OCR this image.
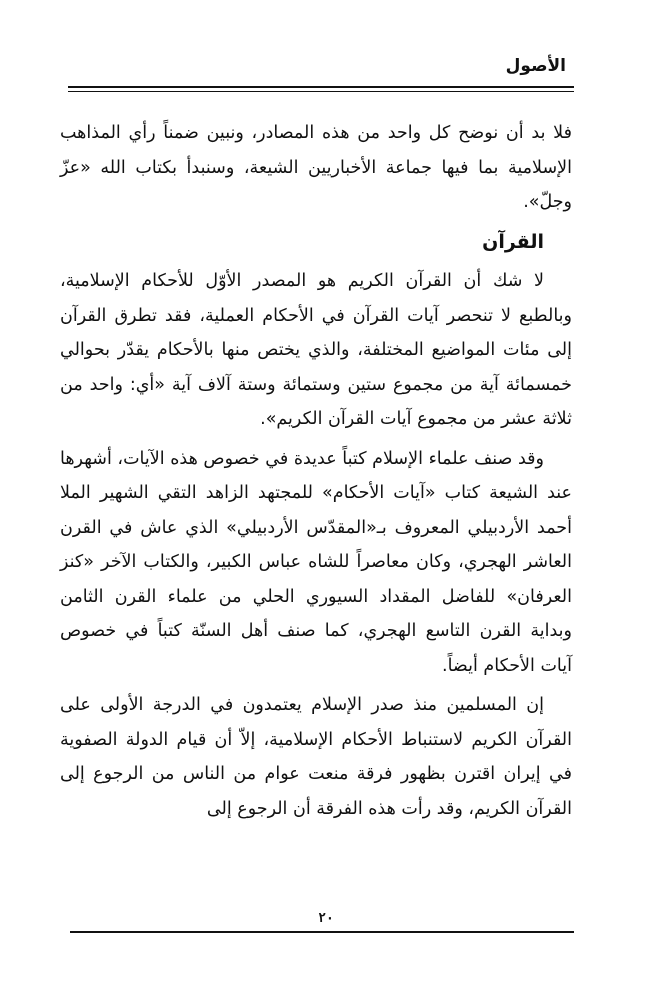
الأصول

فلا بد أن نوضح كل واحد من هذه المصادر، ونبين ضمناً رأي المذاهب الإسلامية بما فيها جماعة الأخباريين الشيعة، وسنبدأ بكتاب الله «عزّ وجلّ».

القرآن

لا شك أن القرآن الكريم هو المصدر الأوّل للأحكام الإسلامية، وبالطبع لا تنحصر آيات القرآن في الأحكام العملية، فقد تطرق القرآن إلى مئات المواضيع المختلفة، والذي يختص منها بالأحكام يقدّر بحوالي خمسمائة آية من مجموع ستين وستمائة وستة آلاف آية «أي: واحد من ثلاثة عشر من مجموع آيات القرآن الكريم».

وقد صنف علماء الإسلام كتباً عديدة في خصوص هذه الآيات، أشهرها عند الشيعة كتاب «آيات الأحكام» للمجتهد الزاهد التقي الشهير الملا أحمد الأردبيلي المعروف بـ«المقدّس الأردبيلي» الذي عاش في القرن العاشر الهجري، وكان معاصراً للشاه عباس الكبير، والكتاب الآخر «كنز العرفان» للفاضل المقداد السيوري الحلي من علماء القرن الثامن وبداية القرن التاسع الهجري، كما صنف أهل السنّة كتباً في خصوص آيات الأحكام أيضاً.

إن المسلمين منذ صدر الإسلام يعتمدون في الدرجة الأولى على القرآن الكريم لاستنباط الأحكام الإسلامية، إلاّ أن قيام الدولة الصفوية في إيران اقترن بظهور فرقة منعت عوام من الناس من الرجوع إلى القرآن الكريم، وقد رأت هذه الفرقة أن الرجوع إلى

٢٠
